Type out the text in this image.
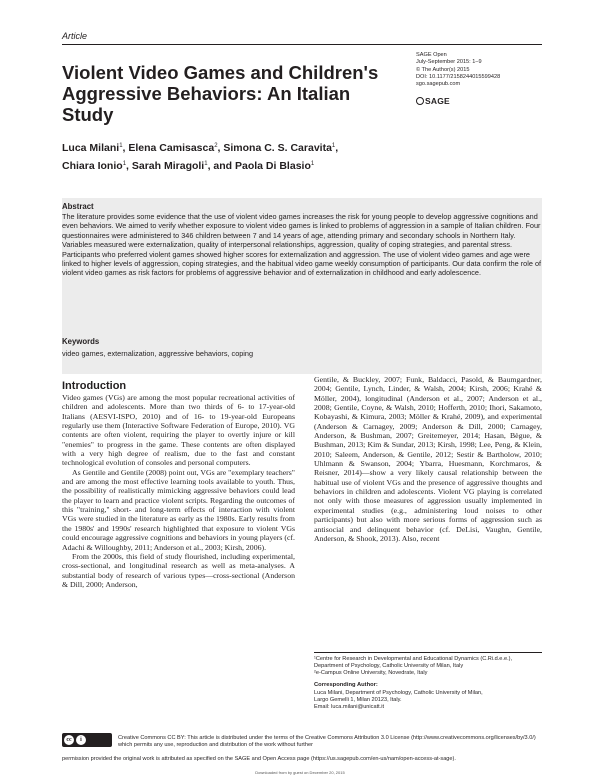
Article
Violent Video Games and Children's Aggressive Behaviors: An Italian Study
SAGE Open
July-September 2015: 1–9
© The Author(s) 2015
DOI: 10.1177/2158244015599428
sgo.sagepub.com
SAGE
Luca Milani$^1$, Elena Camisasca$^2$, Simona C. S. Caravita$^1$,
Chiara Ionio$^1$, Sarah Miragoli$^1$, and Paola Di Blasio$^1$
Abstract
The literature provides some evidence that the use of violent video games increases the risk for young people to develop aggressive cognitions and even behaviors. We aimed to verify whether exposure to violent video games is linked to problems of aggression in a sample of Italian children. Four questionnaires were administered to 346 children between 7 and 14 years of age, attending primary and secondary schools in Northern Italy. Variables measured were externalization, quality of interpersonal relationships, aggression, quality of coping strategies, and parental stress. Participants who preferred violent games showed higher scores for externalization and aggression. The use of violent video games and age were linked to higher levels of aggression, coping strategies, and the habitual video game weekly consumption of participants. Our data confirm the role of violent video games as risk factors for problems of aggressive behavior and of externalization in childhood and early adolescence.
Keywords
video games, externalization, aggressive behaviors, coping
Introduction

Video games (VGs) are among the most popular recreational activities of children and adolescents. More than two thirds of 6- to 17-year-old Italians (AESVI-ISPO, 2010) and of 16- to 19-year-old Europeans regularly use them (Interactive Software Federation of Europe, 2010). VG contents are often violent, requiring the player to overtly injure or kill "enemies" to progress in the game. These contents are often displayed with a very high degree of realism, due to the fast and constant technological evolution of consoles and personal computers.

As Gentile and Gentile (2008) point out, VGs are "exemplary teachers" and are among the most effective learning tools available to youth. Thus, the possibility of realistically mimicking aggressive behaviors could lead the player to learn and practice violent scripts. Regarding the outcomes of this "training," short- and long-term effects of interaction with violent VGs were studied in the literature as early as the 1980s. Early results from the 1980s' and 1990s' research highlighted that exposure to violent VGs could encourage aggressive cognitions and behaviors in young players (cf. Adachi & Willoughby, 2011; Anderson et al., 2003; Kirsh, 2006).

From the 2000s, this field of study flourished, including experimental, cross-sectional, and longitudinal research as well as meta-analyses. A substantial body of research of various types—cross-sectional (Anderson & Dill, 2000; Anderson,

Gentile, & Buckley, 2007; Funk, Baldacci, Pasold, & Baumgardner, 2004; Gentile, Lynch, Linder, & Walsh, 2004; Kirsh, 2006; Krahé & Möller, 2004), longitudinal (Anderson et al., 2007; Anderson et al., 2008; Gentile, Coyne, & Walsh, 2010; Hofferth, 2010; Ihori, Sakamoto, Kobayashi, & Kimura, 2003; Möller & Krahé, 2009), and experimental (Anderson & Carnagey, 2009; Anderson & Dill, 2000; Carnagey, Anderson, & Bushman, 2007; Greitemeyer, 2014; Hasan, Bègue, & Bushman, 2013; Kim & Sundar, 2013; Kirsh, 1998; Lee, Peng, & Klein, 2010; Saleem, Anderson, & Gentile, 2012; Sestir & Bartholow, 2010; Uhlmann & Swanson, 2004; Ybarra, Huesmann, Korchmaros, & Reisner, 2014)—show a very likely causal relationship between the habitual use of violent VGs and the presence of aggressive thoughts and behaviors in children and adolescents. Violent VG playing is correlated not only with those measures of aggression usually implemented in experimental studies (e.g., administering loud noises to other participants) but also with more serious forms of aggression such as antisocial and delinquent behavior (cf. DeLisi, Vaughn, Gentile, Anderson, & Shook, 2013). Also, recent

¹Centre for Research in Developmental and Educational Dynamics (C.Ri.d.e.e.), Department of Psychology, Catholic University of Milan, Italy
²e-Campus Online University, Novedrate, Italy
Corresponding Author:
Luca Milani, Department of Psychology, Catholic University of Milan,
Largo Gemelli 1, Milan 20123, Italy.
Email: luca.milani@unicatt.it
cc	i	Creative Commons CC BY: This article is distributed under the terms of the Creative Commons Attribution 3.0 License (http://www.creativecommons.org/licenses/by/3.0/) which permits any use, reproduction and distribution of the work without further
permission provided the original work is attributed as specified on the SAGE and Open Access page (https://us.sagepub.com/en-us/nam/open-access-at-sage).
Downloaded from by guest on December 20, 2015
